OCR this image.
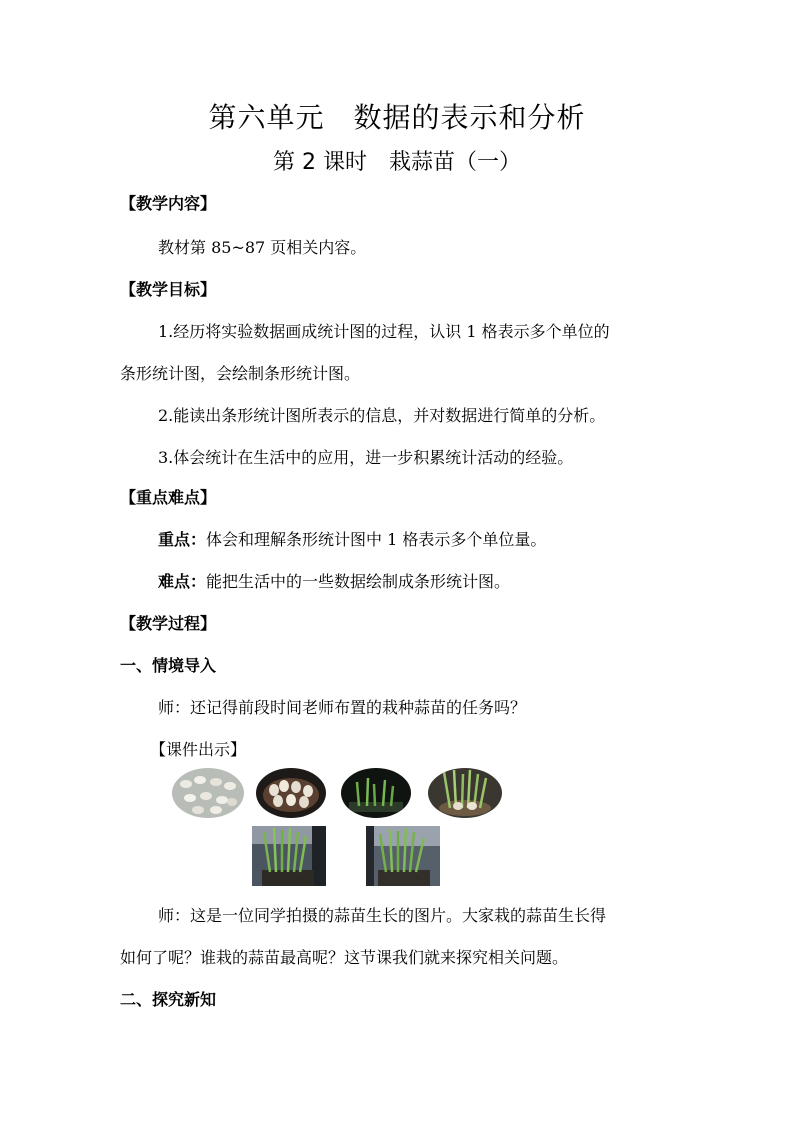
第六单元　数据的表示和分析
第 2 课时　栽蒜苗（一）
【教学内容】
教材第 85~87 页相关内容。
【教学目标】
1.经历将实验数据画成统计图的过程，认识 1 格表示多个单位的
条形统计图，会绘制条形统计图。
2.能读出条形统计图所表示的信息，并对数据进行简单的分析。
3.体会统计在生活中的应用，进一步积累统计活动的经验。
【重点难点】
重点：体会和理解条形统计图中 1 格表示多个单位量。
难点：能把生活中的一些数据绘制成条形统计图。
【教学过程】
一、情境导入
师：还记得前段时间老师布置的栽种蒜苗的任务吗？
【课件出示】
师：这是一位同学拍摄的蒜苗生长的图片。大家栽的蒜苗生长得
如何了呢？谁栽的蒜苗最高呢？这节课我们就来探究相关问题。
二、探究新知
